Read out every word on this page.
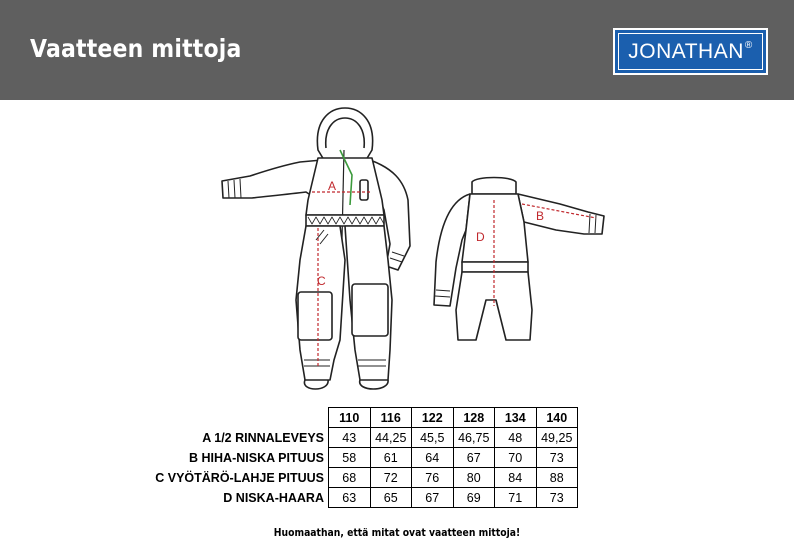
Vaatteen mittoja	JONATHAN®
A
C
B
D
	110	116	122	128	134	140
A 1/2 RINNALEVEYS	43	44,25	45,5	46,75	48	49,25
B HIHA-NISKA PITUUS	58	61	64	67	70	73
C VYÖTÄRÖ-LAHJE PITUUS	68	72	76	80	84	88
D NISKA-HAARA	63	65	67	69	71	73
Huomaathan, että mitat ovat vaatteen mittoja!
